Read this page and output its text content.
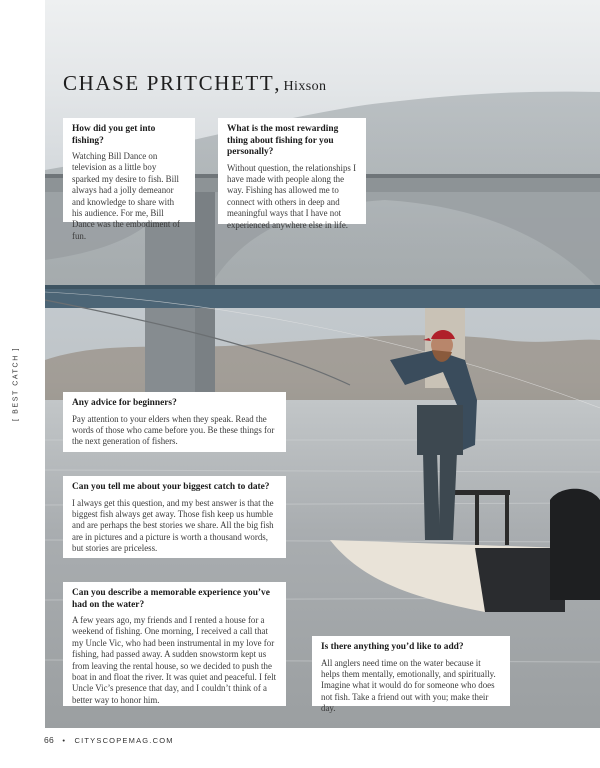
CHASE PRITCHETT, Hixson
[ BEST CATCH ]

How did you get into fishing?

Watching Bill Dance on television as a little boy sparked my desire to fish. Bill always had a jolly demeanor and knowledge to share with his audience. For me, Bill Dance was the embodiment of fun.

What is the most rewarding thing about fishing for you personally?

Without question, the relationships I have made with people along the way. Fishing has allowed me to connect with others in deep and meaningful ways that I have not experienced anywhere else in life.

Any advice for beginners?

Pay attention to your elders when they speak. Read the words of those who came before you. Be these things for the next generation of fishers.

Can you tell me about your biggest catch to date?

I always get this question, and my best answer is that the biggest fish always get away. Those fish keep us humble and are perhaps the best stories we share. All the big fish are in pictures and a picture is worth a thousand words, but stories are priceless.

Can you describe a memorable experience you’ve had on the water?

A few years ago, my friends and I rented a house for a weekend of fishing. One morning, I received a call that my Uncle Vic, who had been instrumental in my love for fishing, had passed away. A sudden snowstorm kept us from leaving the rental house, so we decided to push the boat in and float the river. It was quiet and peaceful. I felt Uncle Vic’s presence that day, and I couldn’t think of a better way to honor him.

Is there anything you’d like to add?

All anglers need time on the water because it helps them mentally, emotionally, and spiritually. Imagine what it would do for someone who does not fish. Take a friend out with you; make their day.

66 • CITYSCOPEMAG.COM
